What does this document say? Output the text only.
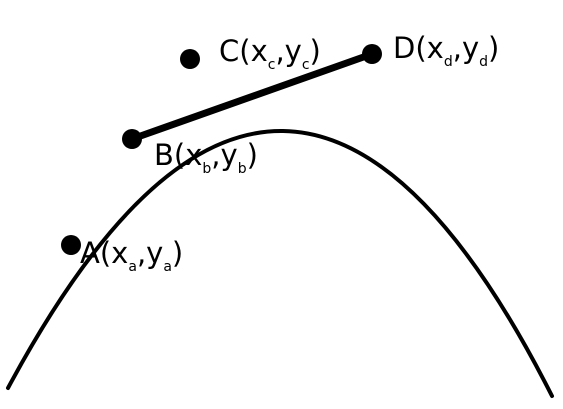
$A(x_a,y_a)$
$B(x_b,y_b)$
$C(x_c,y_c)$ $D(x_d,y_d)$
